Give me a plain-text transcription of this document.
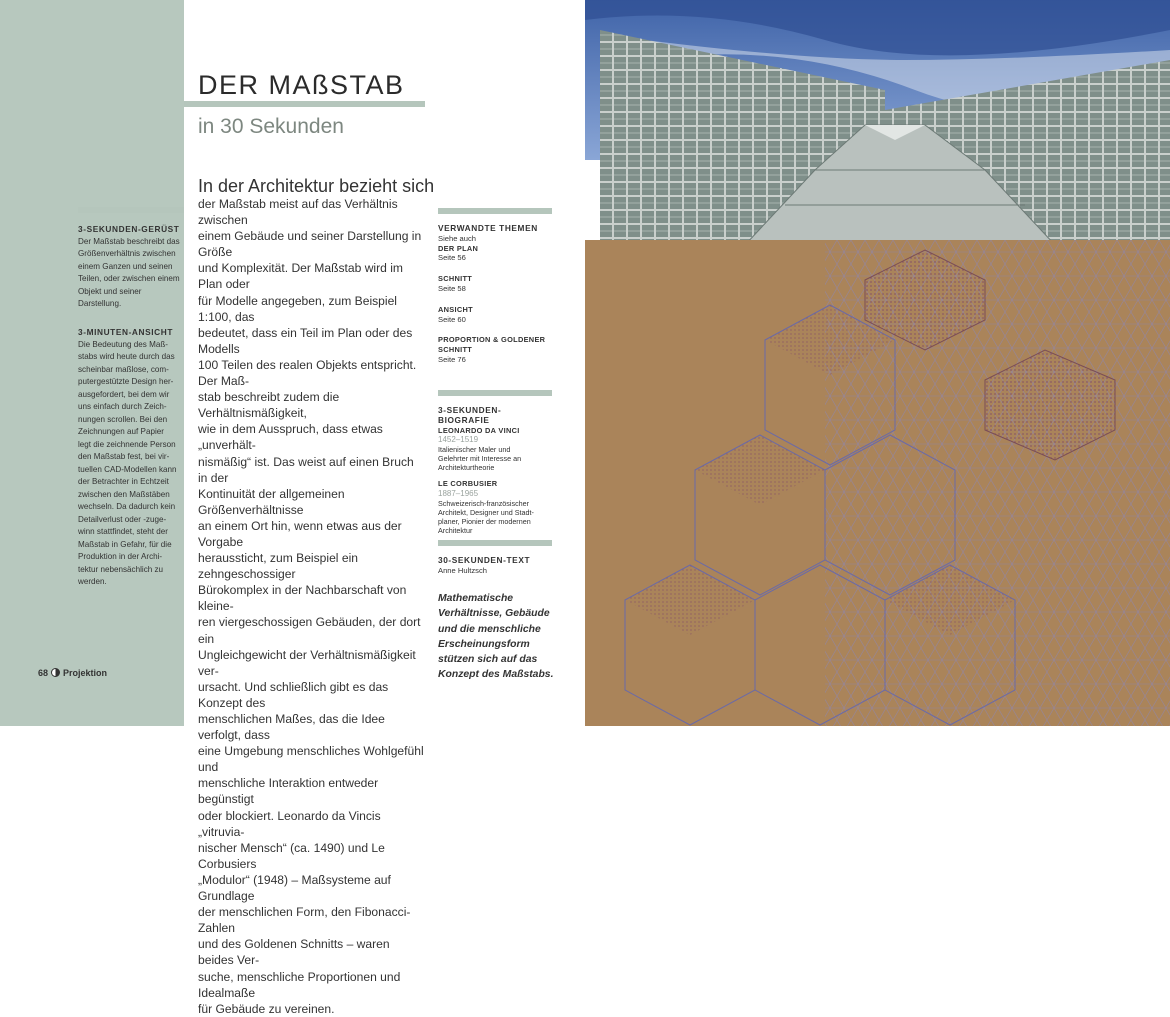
DER MAßSTAB
in 30 Sekunden
In der Architektur bezieht sich
der Maßstab meist auf das Verhältnis zwischen
einem Gebäude und seiner Darstellung in Größe
und Komplexität. Der Maßstab wird im Plan oder
für Modelle angegeben, zum Beispiel 1:100, das
bedeutet, dass ein Teil im Plan oder des Modells
100 Teilen des realen Objekts entspricht. Der Maß-
stab beschreibt zudem die Verhältnismäßigkeit,
wie in dem Ausspruch, dass etwas „unverhält-
nismäßig“ ist. Das weist auf einen Bruch in der
Kontinuität der allgemeinen Größenverhältnisse
an einem Ort hin, wenn etwas aus der Vorgabe
heraussticht, zum Beispiel ein zehngeschossiger
Bürokomplex in der Nachbarschaft von kleine-
ren viergeschossigen Gebäuden, der dort ein
Ungleichgewicht der Verhältnismäßigkeit ver-
ursacht. Und schließlich gibt es das Konzept des
menschlichen Maßes, das die Idee verfolgt, dass
eine Umgebung menschliches Wohlgefühl und
menschliche Interaktion entweder begünstigt
oder blockiert. Leonardo da Vincis „vitruvia-
nischer Mensch“ (ca. 1490) und Le Corbusiers
„Modulor“ (1948) – Maßsysteme auf Grundlage
der menschlichen Form, den Fibonacci-Zahlen
und des Goldenen Schnitts – waren beides Ver-
suche, menschliche Proportionen und Idealmaße
für Gebäude zu vereinen.
3-SEKUNDEN-GERÜST
Der Maßstab beschreibt das
Größenverhältnis zwischen
einem Ganzen und seinen
Teilen, oder zwischen einem
Objekt und seiner Darstellung.
3-MINUTEN-ANSICHT
Die Bedeutung des Maß-
stabs wird heute durch das
scheinbar maßlose, com-
putergestützte Design her-
ausgefordert, bei dem wir
uns einfach durch Zeich-
nungen scrollen. Bei den
Zeichnungen auf Papier
legt die zeichnende Person
den Maßstab fest, bei vir-
tuellen CAD-Modellen kann
der Betrachter in Echtzeit
zwischen den Maßstäben
wechseln. Da dadurch kein
Detailverlust oder -zuge-
winn stattfindet, steht der
Maßstab in Gefahr, für die
Produktion in der Archi-
tektur nebensächlich zu
werden.
VERWANDTE THEMEN
Siehe auch
DER PLAN
Seite 56
SCHNITT
Seite 58
ANSICHT
Seite 60
PROPORTION & GOLDENER SCHNITT
Seite 76
3-SEKUNDEN-BIOGRAFIE
LEONARDO DA VINCI
1452–1519
Italienischer Maler und
Gelehrter mit Interesse an
Architekturtheorie
LE CORBUSIER
1887–1965
Schweizerisch-französischer
Architekt, Designer und Stadt-
planer, Pionier der modernen
Architektur
30-SEKUNDEN-TEXT
Anne Hultzsch
Mathematische
Verhältnisse, Gebäude
und die menschliche
Erscheinungsform
stützen sich auf das
Konzept des Maßstabs.
68 Projektion
